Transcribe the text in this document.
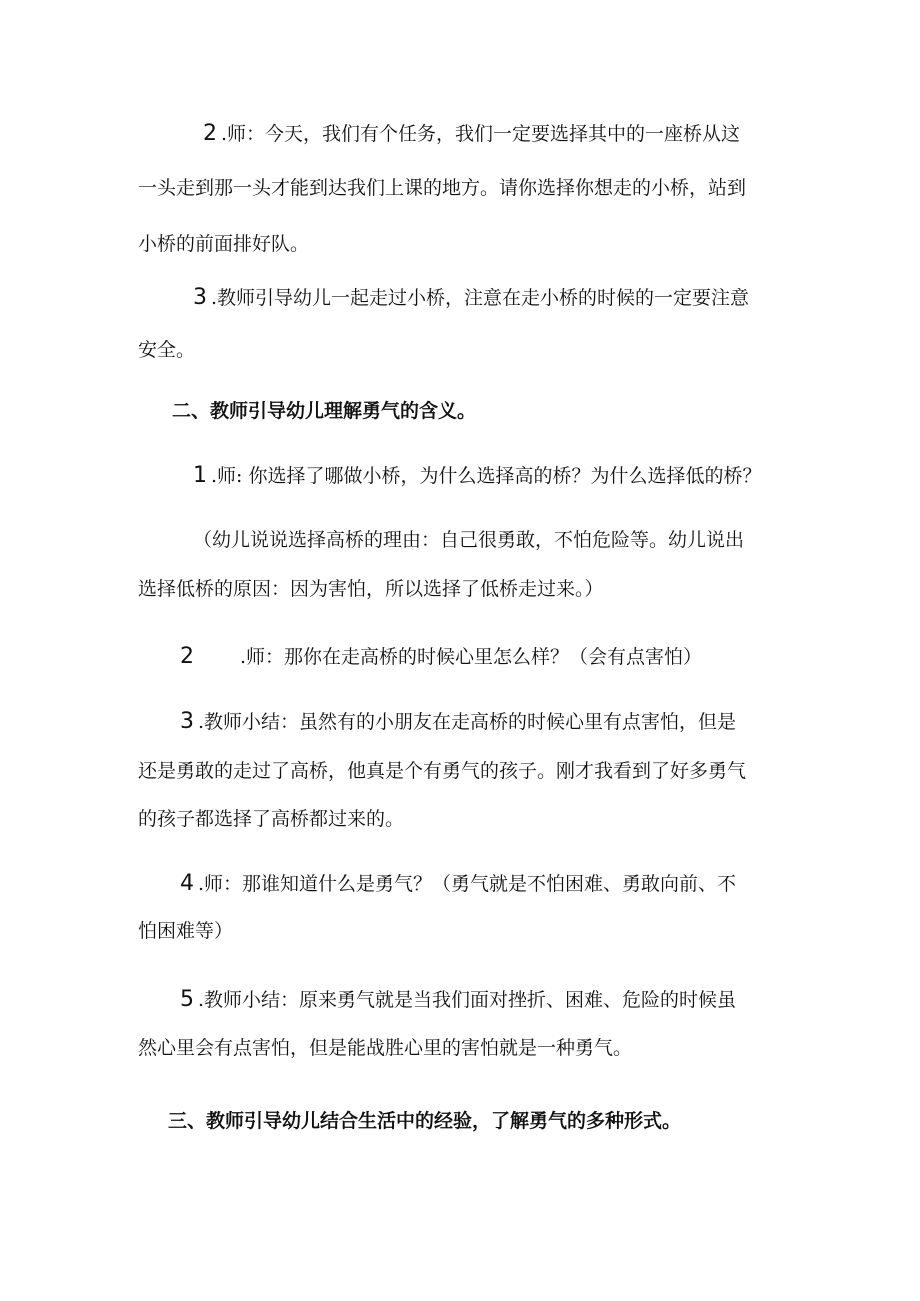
2 .师：今天，我们有个任务，我们一定要选择其中的一座桥从这
一头走到那一头才能到达我们上课的地方。请你选择你想走的小桥，站到
小桥的前面排好队。
3 .教师引导幼儿一起走过小桥，注意在走小桥的时候的一定要注意
安全。
二、教师引导幼儿理解勇气的含义。
1 .师: 你选择了哪做小桥，为什么选择高的桥？为什么选择低的桥？
（幼儿说说选择高桥的理由：自己很勇敢，不怕危险等。幼儿说出
选择低桥的原因：因为害怕，所以选择了低桥走过来。）
2 .师：那你在走高桥的时候心里怎么样？（会有点害怕）
3 .教师小结：虽然有的小朋友在走高桥的时候心里有点害怕，但是
还是勇敢的走过了高桥，他真是个有勇气的孩子。刚才我看到了好多勇气
的孩子都选择了高桥都过来的。
4 .师：那谁知道什么是勇气？（勇气就是不怕困难、勇敢向前、不
怕困难等）
5 .教师小结：原来勇气就是当我们面对挫折、困难、危险的时候虽
然心里会有点害怕，但是能战胜心里的害怕就是一种勇气。
三、教师引导幼儿结合生活中的经验，了解勇气的多种形式。
